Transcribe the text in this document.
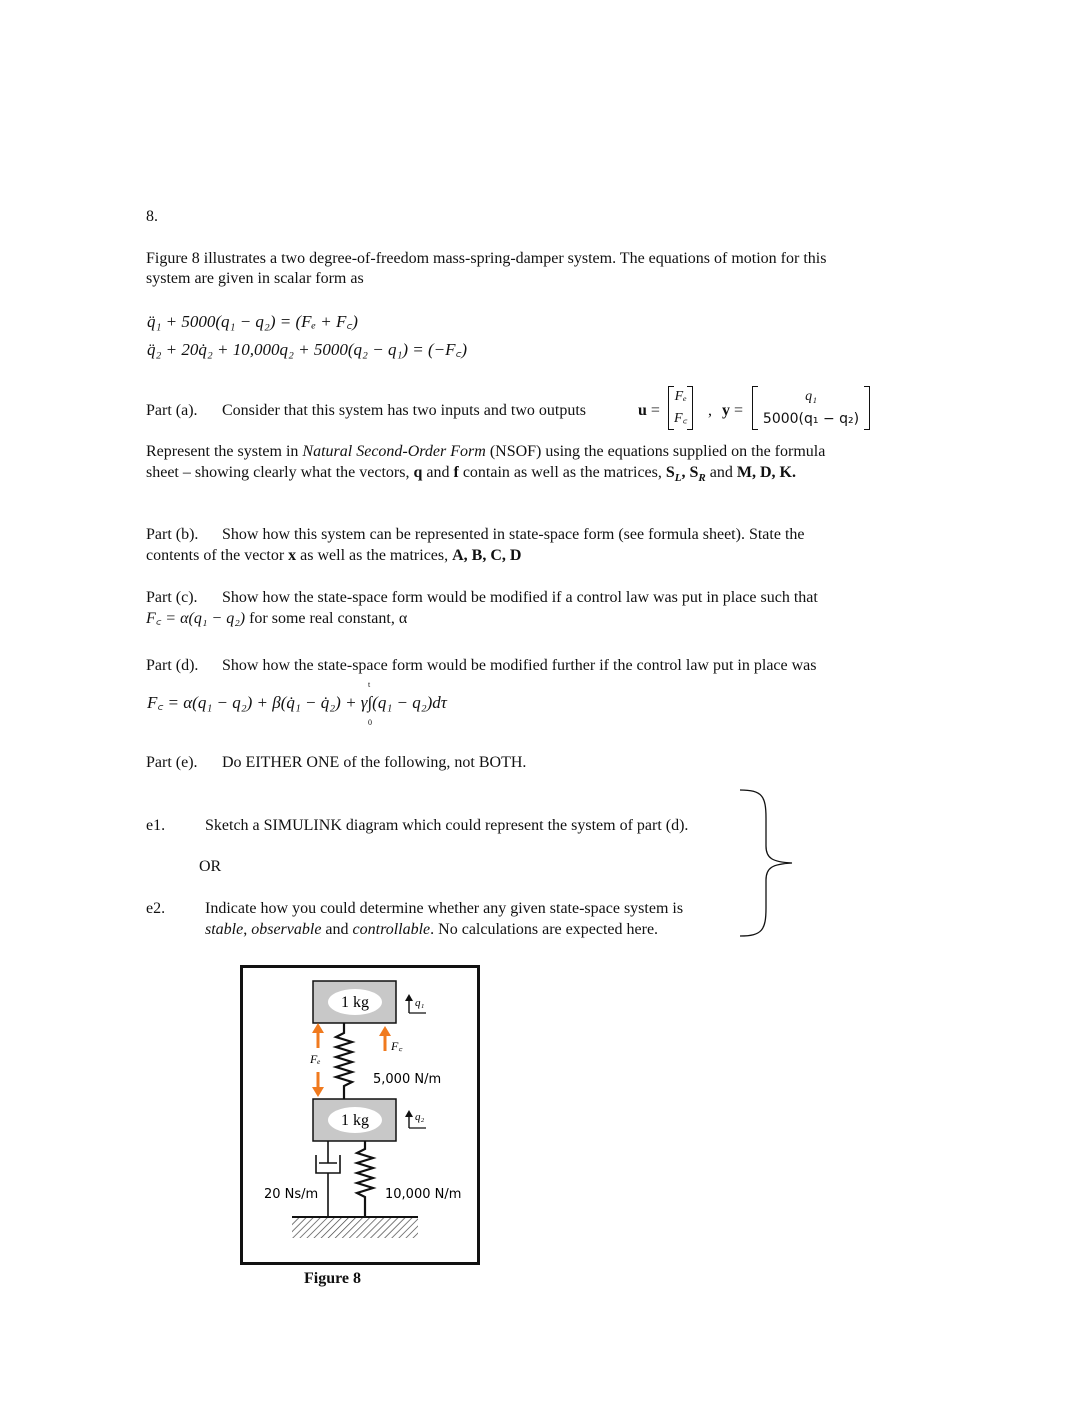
8.
Figure 8 illustrates a two degree-of-freedom mass-spring-damper system. The equations of motion for this
system are given in scalar form as
q̈₁ + 5000(q₁ − q₂) = (Fₑ + F꜀)
q̈₂ + 20q̇₂ + 10,000q₂ + 5000(q₂ − q₁) = (−F꜀)
Part (a). Consider that this system has two inputs and two outputs	u =
Fₑ
F꜀ , y =
q₁
5000(q₁ − q₂)
Represent the system in Natural Second-Order Form (NSOF) using the equations supplied on the formula
sheet – showing clearly what the vectors, q and f contain as well as the matrices, $S_L$, $S_R$ and M, D, K.
Part (b). Show how this system can be represented in state-space form (see formula sheet). State the
contents of the vector x as well as the matrices, A, B, C, D
Part (c). Show how the state-space form would be modified if a control law was put in place such that
F꜀ = α(q₁ − q₂) for some real constant, α
Part (d). Show how the state-space form would be modified further if the control law put in place was
t
F꜀ = α(q₁ − q₂) + β(q̇₁ − q̇₂) + γ∫(q₁ − q₂)dτ
0
Part (e). Do EITHER ONE of the following, not BOTH.
e1. Sketch a SIMULINK diagram which could represent the system of part (d).
OR
e2. Indicate how you could determine whether any given state-space system is
stable, observable and controllable. No calculations are expected here.
1 kg
1 kg
q₁
q₂
Fₑ
F꜀
5,000 N/m
20 Ns/m	10,000 N/m
Figure 8
